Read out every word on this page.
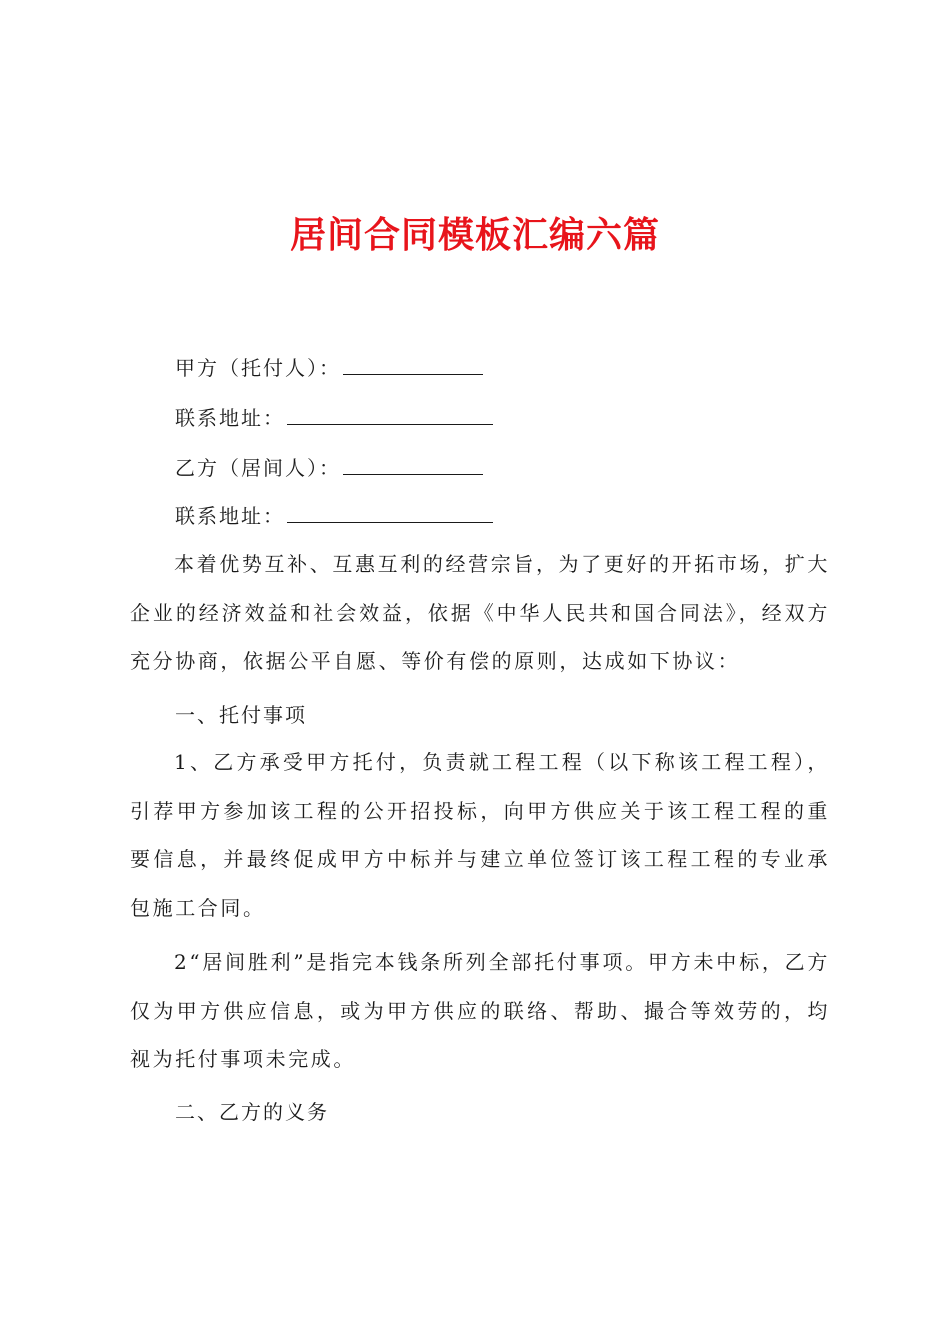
居间合同模板汇编六篇
甲方（托付人）：
联系地址：
乙方（居间人）：
联系地址：

本着优势互补、互惠互利的经营宗旨，为了更好的开拓市场，扩大企业的经济效益和社会效益，依据《中华人民共和国合同法》，经双方充分协商，依据公平自愿、等价有偿的原则，达成如下协议：

一、托付事项

1、乙方承受甲方托付，负责就工程工程（以下称该工程工程），引荐甲方参加该工程的公开招投标，向甲方供应关于该工程工程的重要信息，并最终促成甲方中标并与建立单位签订该工程工程的专业承包施工合同。

2“居间胜利”是指完本钱条所列全部托付事项。甲方未中标，乙方仅为甲方供应信息，或为甲方供应的联络、帮助、撮合等效劳的，均视为托付事项未完成。

二、乙方的义务
